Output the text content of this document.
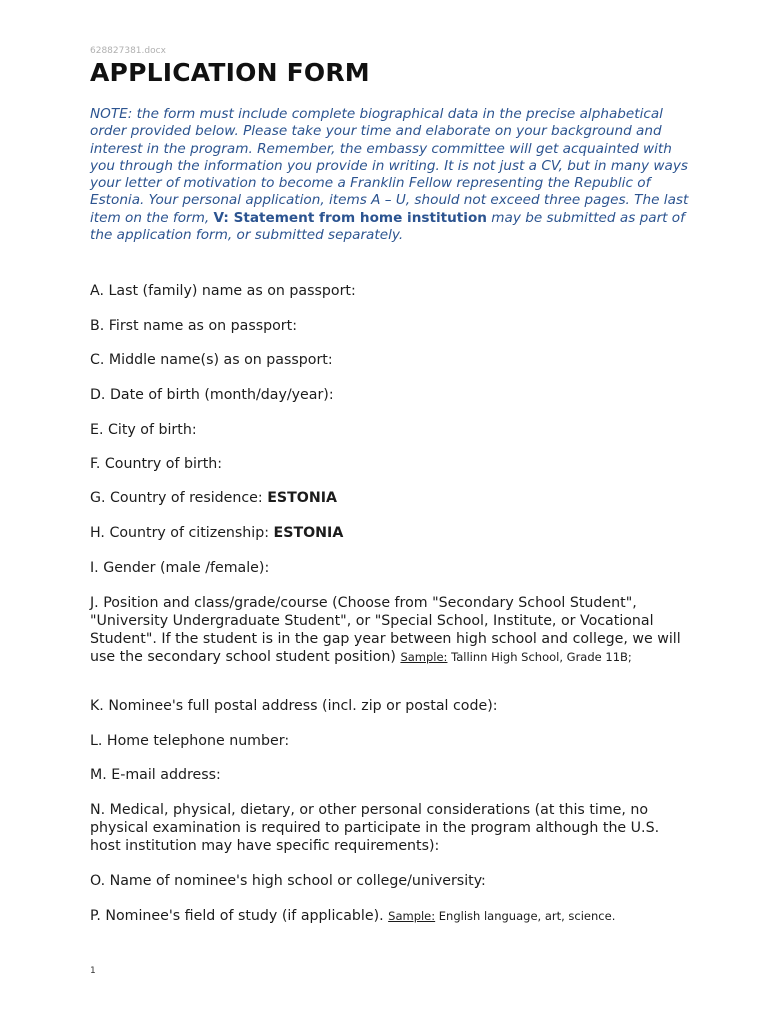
628827381.docx
APPLICATION FORM

NOTE: the form must include complete biographical data in the precise alphabetical order provided below. Please take your time and elaborate on your background and interest in the program. Remember, the embassy committee will get acquainted with you through the information you provide in writing. It is not just a CV, but in many ways your letter of motivation to become a Franklin Fellow representing the Republic of Estonia. Your personal application, items A – U, should not exceed three pages. The last item on the form, V: Statement from home institution may be submitted as part of the application form, or submitted separately.

A. Last (family) name as on passport:
B. First name as on passport:
C. Middle name(s) as on passport:
D. Date of birth (month/day/year):
E. City of birth:
F. Country of birth:
G. Country of residence: ESTONIA
H. Country of citizenship: ESTONIA
I. Gender (male /female):
J. Position and class/grade/course (Choose from "Secondary School Student", "University Undergraduate Student", or "Special School, Institute, or Vocational Student". If the student is in the gap year between high school and college, we will use the secondary school student position) Sample: Tallinn High School, Grade 11B;
K. Nominee's full postal address (incl. zip or postal code):
L. Home telephone number:
M. E-mail address:
N. Medical, physical, dietary, or other personal considerations (at this time, no physical examination is required to participate in the program although the U.S. host institution may have specific requirements):
O. Name of nominee's high school or college/university:
P. Nominee's field of study (if applicable). Sample: English language, art, science.
1
